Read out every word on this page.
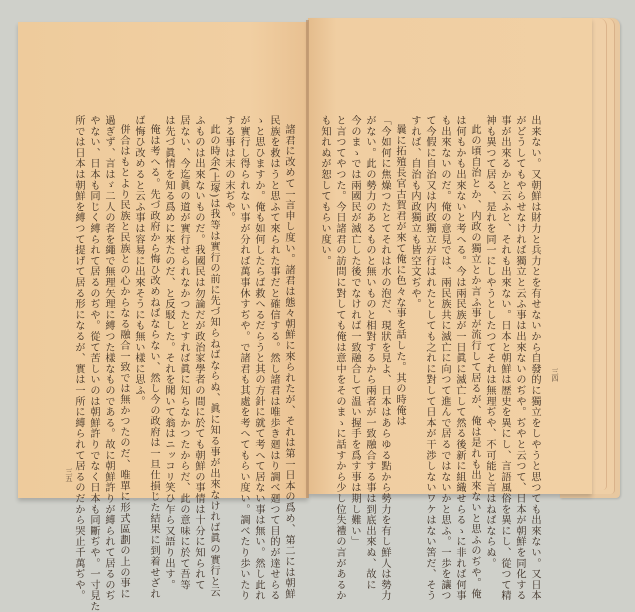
出来ない。又朝鮮は財力と兵力とを有せないから自發的に獨立をしやうと思つても出來ない。又日本
がどうしてもやらせなければ獨立と云ふ事は出來ないのぢや。ぢやと云つて、日本が朝鮮を同化する
事が出來るかと云ふと、それも出來ない。日本と朝鮮は歴史を異にし、言語風俗を異にし、從つて精
神も異つて居る、是れを同一にしやうとしたつてそれは無理ぢや、不可能と言はねばならぬ。
此の頃自治とか、内政の獨立とか言ふ事が流行して居るが、俺は是れも出來ないと思ふのぢや。俺
は何もかも出來ないと考へる。今は兩民族が一日眞に滅亡して然る後新に組織せらるゝに非れば何事
も出來ないのだ。俺の意見では、兩民族共に滅亡に向つて進んで居るではないかと思ふ。一歩を讓つ
て今假に自治又は内政獨立が行はれたとしても之れに對して日本が干渉しないワケはない筈だ、そう
すれば、自治も内政獨立も皆空文ぢや。
曩に拓殖長官古賀君が來て俺に色々な事を話した。其の時俺は
「今如何に焦燥つたとてそれは水の泡だ、現狀を見よ、日本はあらゆる點から勢力を有し鮮人は勢力
がない。此の勢力のあるものと無いものと相對するから兩者が一致融合する事は到底出來ぬ、故に
今のまゝでは兩國民が滅亡した後でなければ一致融合して温い握手を爲す事は期し難い」
と言つてやつた。今日諸君の訪問に對しても俺は意中をそのまゝに話すから少し位失禮の言があるか
も知れぬが恕してもらい度い。
三四
諸君に改めて一言申し度い。諸君は態々朝鮮に來られたが、それは第一日本の爲め、第二には朝鮮
民族を救はうと思ふて來られた事だと確信する。然し諸君は唯歩き廻はり調べ廻つて目的が達せらる
ゝと思ひますか。俺も如何したらば救へるだらうと其の方針に就て考へて居ない事は無い。然し此れ
が實行し得られない事が分れば萬事休すぢや。で諸君も其處を考へてもらい度い。調べたり歩いたり
する事は末の末ぢや。
此の時余(上塚)は我等は實行の前に先づ知らねばならぬ、眞に知る事が出來なければ眞の實行と云
ふものは出來ないものだ。我國民は勿論だが政治家學者の間に於ても朝鮮の事情は十分に知られて
居ない、今迄眞の道が實行せられなかつたとすれば眞に知らなかつたからだ、此の意味に於て吾等
は先づ眞情を知る爲めに來たのだ、と反駁した。それを聞いて翁はニッコリ笑ひ乍ら又語り出す。
俺は考へる。先づ政府から悔ひ改めねばならない、然し今の政府は一旦仕損じた結果に到着せざれ
ば悔ひ改めると云ふ事は容易に出來そうにも無い樣に思ふ。
併合はもとより民族と民族との心からなる融合一致では無かつたのだ、唯單に形式區劃の上の事に
過ぎず、言はゞ二人の者を繩で無理矢理に縛つた樣なものである。故に朝鮮許りが縛られて居るのぢ
やない、日本も同じく縛られて居るのぢや。從て苦しいのは朝鮮許りでなく日本も同斷ぢや。一寸見た
所では日本は朝鮮を縛つて提げて居る形になるが、實は一所に縛られて居るのだから哭止千萬ぢや。
三五
